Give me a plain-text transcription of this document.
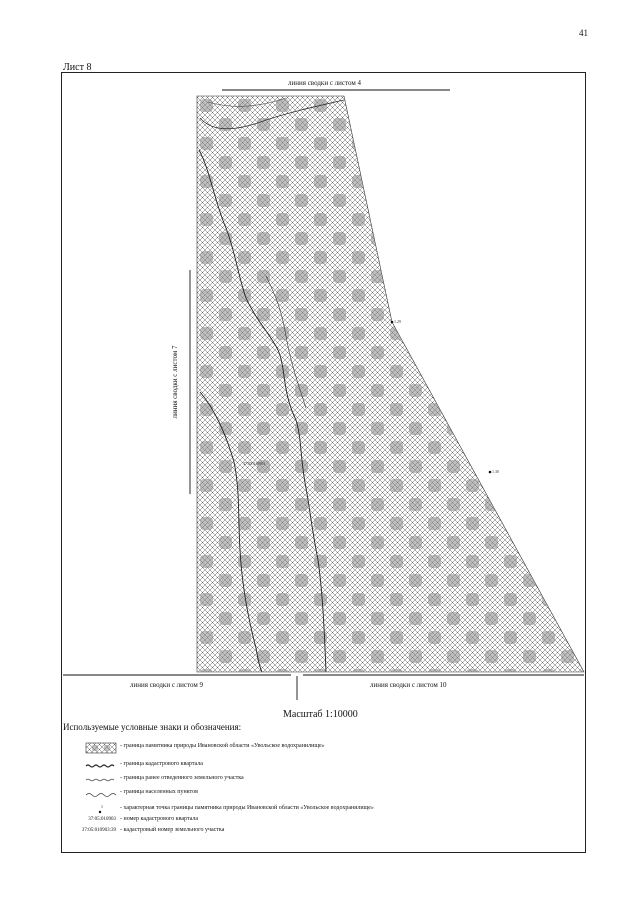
41
Лист 8
линия сводки с листом 4
линия сводки с листом 7
линия сводки с листом 9	линия сводки с листом 10
1.29
1.30
37:05:010903
Масштаб 1:10000
Используемые условные знаки и обозначения:
- граница памятника природы Ивановской области «Увольское водохранилище»
- граница кадастрового квартала
- граница ранее отведенного земельного участка
- граница населенных пунктов
1	- характерная точка границы памятника природы Ивановской области «Увольское водохранилище»
37:05:010903 - номер кадастрового квартала
37:05:010903:39 - кадастровый номер земельного участка
